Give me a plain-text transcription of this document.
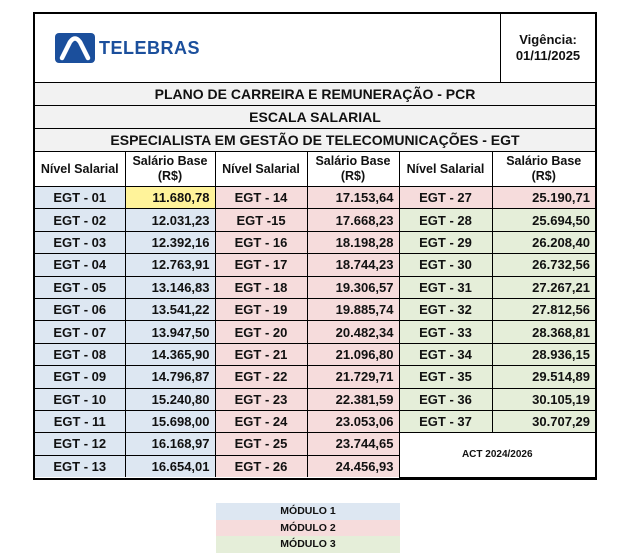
TELEBRAS	Vigência:
01/11/2025
PLANO DE CARREIRA E REMUNERAÇÃO - PCR
ESCALA SALARIAL
ESPECIALISTA EM GESTÃO DE TELECOMUNICAÇÕES - EGT
Nível Salarial	Salário Base (R$)	Nível Salarial	Salário Base (R$)	Nível Salarial	Salário Base (R$)
EGT - 01	11.680,78	EGT - 14	17.153,64	EGT - 27	25.190,71
EGT - 02	12.031,23	EGT -15	17.668,23	EGT - 28	25.694,50
EGT - 03	12.392,16	EGT - 16	18.198,28	EGT - 29	26.208,40
EGT - 04	12.763,91	EGT - 17	18.744,23	EGT - 30	26.732,56
EGT - 05	13.146,83	EGT - 18	19.306,57	EGT - 31	27.267,21
EGT - 06	13.541,22	EGT - 19	19.885,74	EGT - 32	27.812,56
EGT - 07	13.947,50	EGT - 20	20.482,34	EGT - 33	28.368,81
EGT - 08	14.365,90	EGT - 21	21.096,80	EGT - 34	28.936,15
EGT - 09	14.796,87	EGT - 22	21.729,71	EGT - 35	29.514,89
EGT - 10	15.240,80	EGT - 23	22.381,59	EGT - 36	30.105,19
EGT - 11	15.698,00	EGT - 24	23.053,06	EGT - 37	30.707,29
EGT - 12	16.168,97	EGT - 25	23.744,65	ACT 2024/2026	
EGT - 13	16.654,01	EGT - 26	24.456,93		
MÓDULO 1
MÓDULO 2
MÓDULO 3
